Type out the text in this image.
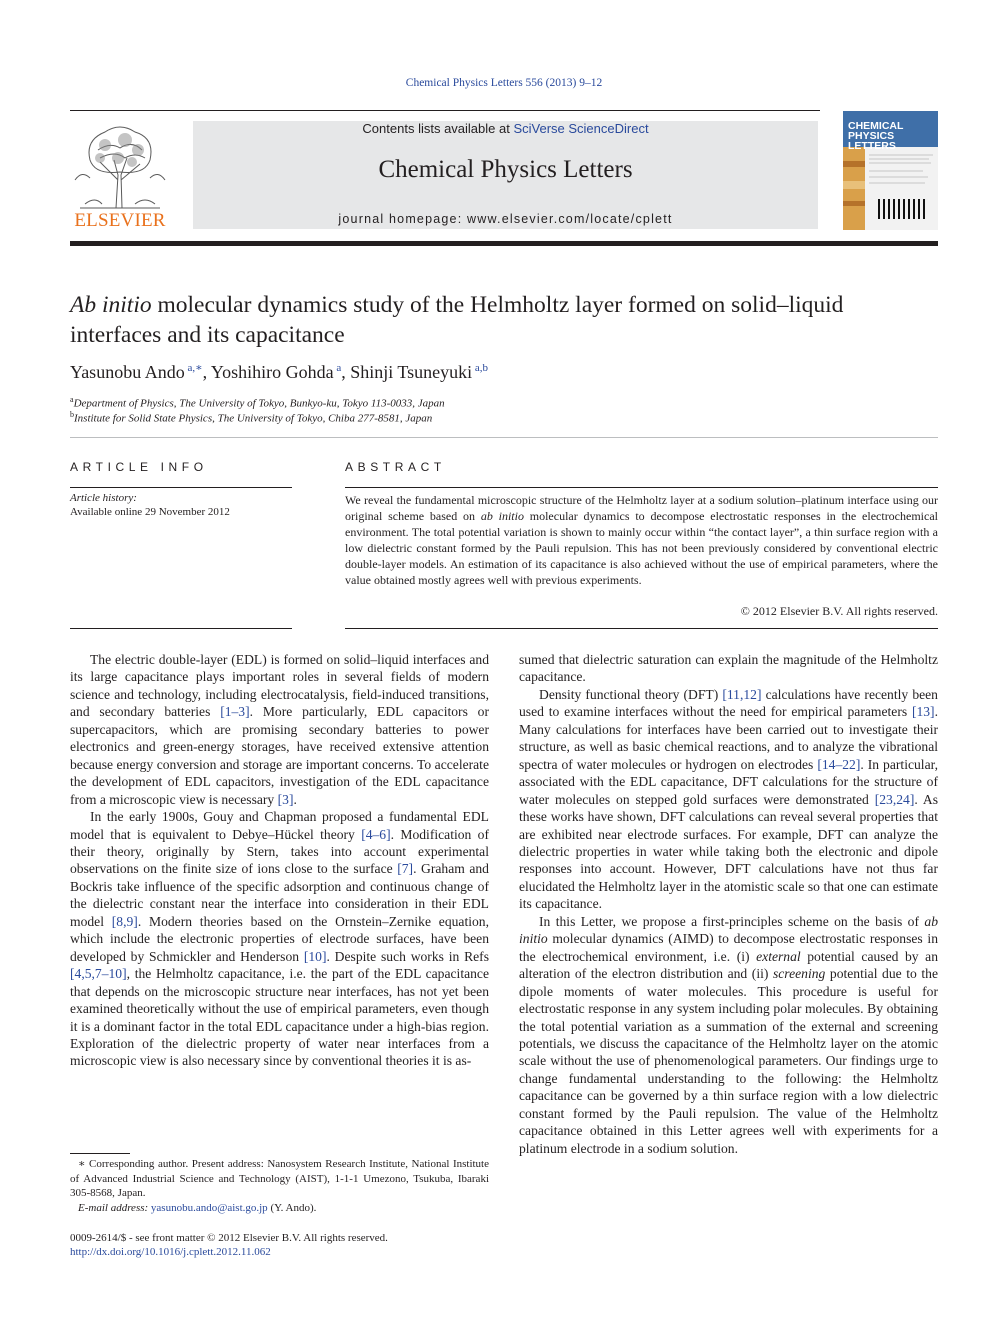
Chemical Physics Letters 556 (2013) 9–12
ELSEVIER
Contents lists available at SciVerse ScienceDirect
Chemical Physics Letters
journal homepage: www.elsevier.com/locate/cplett
CHEMICAL
PHYSICS
LETTERS
Ab initio molecular dynamics study of the Helmholtz layer formed on solid–liquid interfaces and its capacitance
Yasunobu Ando $^{a,∗}$, Yoshihiro Gohda $^a$, Shinji Tsuneyuki $^{a,b}$
$^a$Department of Physics, The University of Tokyo, Bunkyo-ku, Tokyo 113-0033, Japan
$^b$Institute for Solid State Physics, The University of Tokyo, Chiba 277-8581, Japan
ARTICLE INFO	ABSTRACT
Article history:
Available online 29 November 2012
We reveal the fundamental microscopic structure of the Helmholtz layer at a sodium solution–platinum interface using our original scheme based on ab initio molecular dynamics to decompose electrostatic responses in the electrochemical environment. The total potential variation is shown to mainly occur within “the contact layer”, a thin surface region with a low dielectric constant formed by the Pauli repulsion. This has not been previously considered by conventional electric double-layer models. An estimation of its capacitance is also achieved without the use of empirical parameters, where the value obtained mostly agrees well with previous experiments.
© 2012 Elsevier B.V. All rights reserved.

The electric double-layer (EDL) is formed on solid–liquid interfaces and its large capacitance plays important roles in several fields of modern science and technology, including electrocatalysis, field-induced transitions, and secondary batteries [1–3]. More particularly, EDL capacitors or supercapacitors, which are promising secondary batteries to power electronics and green-energy storages, have received extensive attention because energy conversion and storage are important concerns. To accelerate the development of EDL capacitors, investigation of the EDL capacitance from a microscopic view is necessary [3].

In the early 1900s, Gouy and Chapman proposed a fundamental EDL model that is equivalent to Debye–Hückel theory [4–6]. Modification of their theory, originally by Stern, takes into account experimental observations on the finite size of ions close to the surface [7]. Graham and Bockris take influence of the specific adsorption and continuous change of the dielectric constant near the interface into consideration in their EDL model [8,9]. Modern theories based on the Ornstein–Zernike equation, which include the electronic properties of electrode surfaces, have been developed by Schmickler and Henderson [10]. Despite such works in Refs [4,5,7–10], the Helmholtz capacitance, i.e. the part of the EDL capacitance that depends on the microscopic structure near interfaces, has not yet been examined theoretically without the use of empirical parameters, even though it is a dominant factor in the total EDL capacitance under a high-bias region. Exploration of the dielectric property of water near interfaces from a microscopic view is also necessary since by conventional theories it is as-

sumed that dielectric saturation can explain the magnitude of the Helmholtz capacitance.

Density functional theory (DFT) [11,12] calculations have recently been used to examine interfaces without the need for empirical parameters [13]. Many calculations for interfaces have been carried out to investigate their structure, as well as basic chemical reactions, and to analyze the vibrational spectra of water molecules or hydrogen on electrodes [14–22]. In particular, associated with the EDL capacitance, DFT calculations for the structure of water molecules on stepped gold surfaces were demonstrated [23,24]. As these works have shown, DFT calculations can reveal several properties that are exhibited near electrode surfaces. For example, DFT can analyze the dielectric properties in water while taking both the electronic and dipole responses into account. However, DFT calculations have not thus far elucidated the Helmholtz layer in the atomistic scale so that one can estimate its capacitance.

In this Letter, we propose a first-principles scheme on the basis of ab initio molecular dynamics (AIMD) to decompose electrostatic responses in the electrochemical environment, i.e. (i) external potential caused by an alteration of the electron distribution and (ii) screening potential due to the dipole moments of water molecules. This procedure is useful for electrostatic response in any system including polar molecules. By obtaining the total potential variation as a summation of the external and screening potentials, we discuss the capacitance of the Helmholtz layer on the atomic scale without the use of phenomenological parameters. Our findings urge to change fundamental understanding to the following: the Helmholtz capacitance can be governed by a thin surface region with a low dielectric constant formed by the Pauli repulsion. The value of the Helmholtz capacitance obtained in this Letter agrees well with experiments for a platinum electrode in a sodium solution.

∗ Corresponding author. Present address: Nanosystem Research Institute, National Institute of Advanced Industrial Science and Technology (AIST), 1-1-1 Umezono, Tsukuba, Ibaraki 305-8568, Japan.

E-mail address: yasunobu.ando@aist.go.jp (Y. Ando).

0009-2614/$ - see front matter © 2012 Elsevier B.V. All rights reserved.
http://dx.doi.org/10.1016/j.cplett.2012.11.062
